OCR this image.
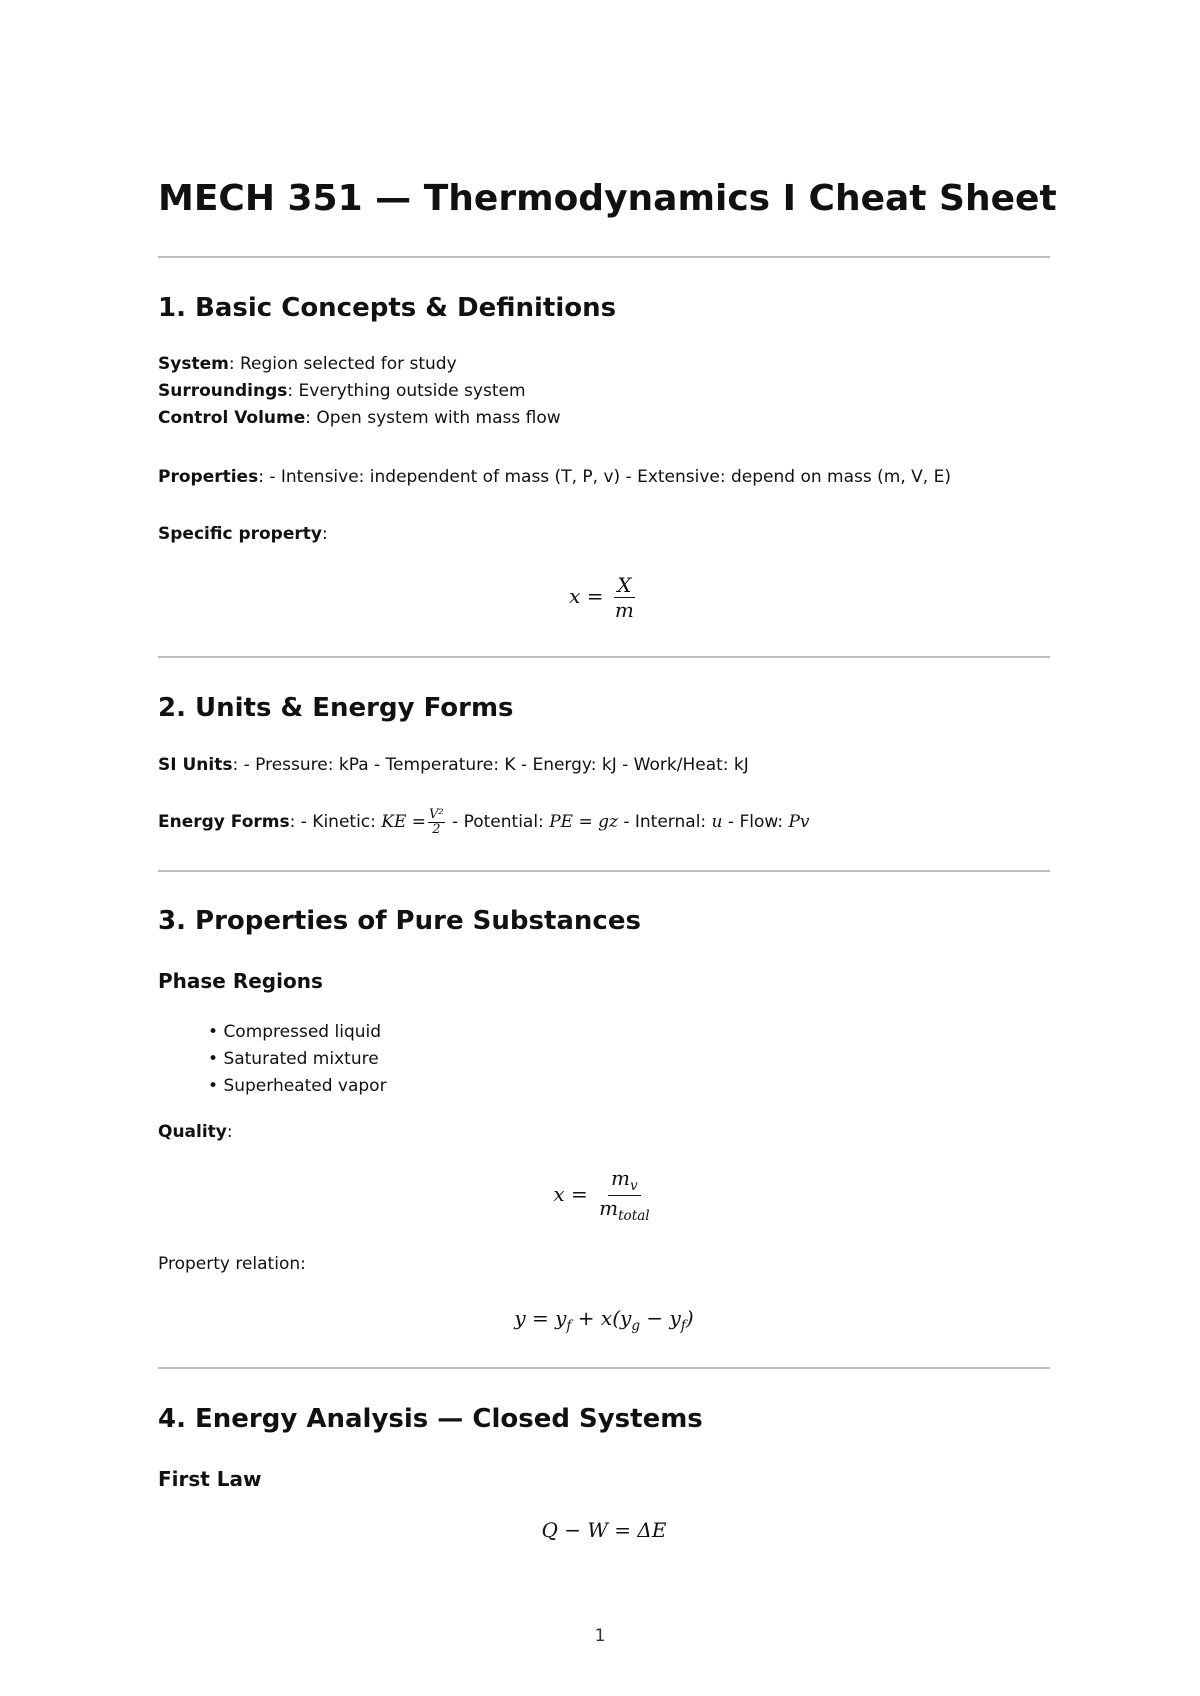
MECH 351 — Thermodynamics I Cheat Sheet
1. Basic Concepts & Definitions
System: Region selected for study
Surroundings: Everything outside system
Control Volume: Open system with mass flow
Properties: - Intensive: independent of mass (T, P, v) - Extensive: depend on mass (m, V, E)
Specific property:
$x = \frac{X}{m}$
2. Units & Energy Forms
SI Units: - Pressure: kPa - Temperature: K - Energy: kJ - Work/Heat: kJ
Energy Forms: - Kinetic: KE = $\frac{\text{V²}}{2}$ - Potential: PE = gz - Internal: u - Flow: Pv
3. Properties of Pure Substances
Phase Regions
• Compressed liquid
• Saturated mixture
• Superheated vapor
Quality:
$x = \frac{m_v}{m_{total}}$
Property relation:
$y = y_f + x(y_g - y_f)$
4. Energy Analysis — Closed Systems
First Law
Q − W = ΔE
1
